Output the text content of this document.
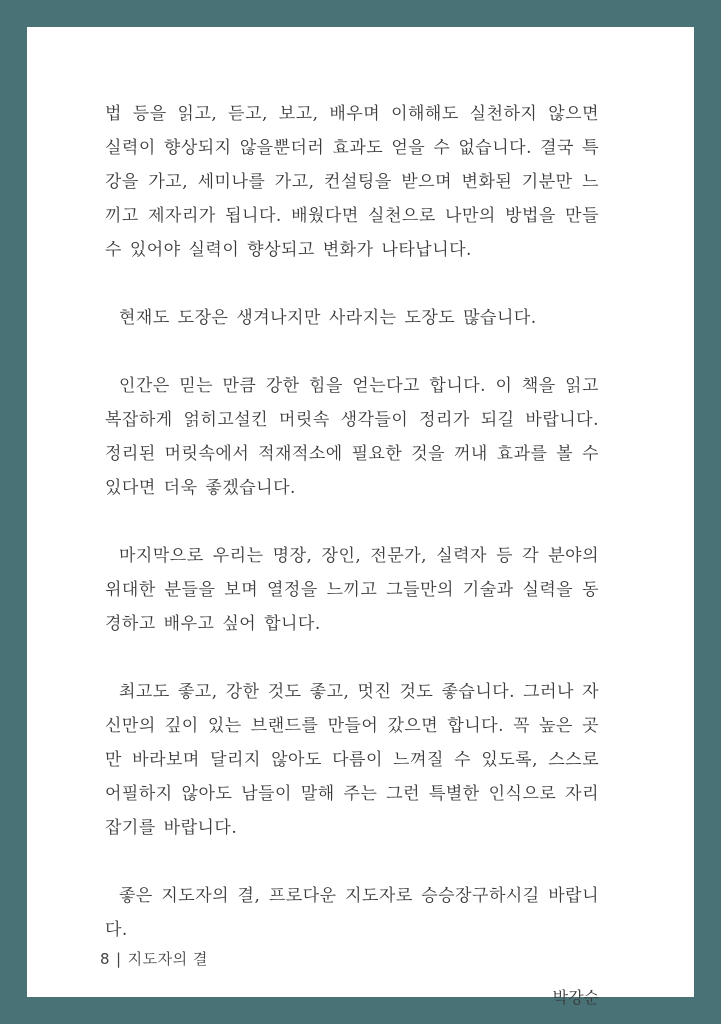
법 등을 읽고, 듣고, 보고, 배우며 이해해도 실천하지 않으면 실력이 향상되지 않을뿐더러 효과도 얻을 수 없습니다. 결국 특강을 가고, 세미나를 가고, 컨설팅을 받으며 변화된 기분만 느끼고 제자리가 됩니다. 배웠다면 실천으로 나만의 방법을 만들 수 있어야 실력이 향상되고 변화가 나타납니다.

현재도 도장은 생겨나지만 사라지는 도장도 많습니다.

인간은 믿는 만큼 강한 힘을 얻는다고 합니다. 이 책을 읽고 복잡하게 얽히고설킨 머릿속 생각들이 정리가 되길 바랍니다. 정리된 머릿속에서 적재적소에 필요한 것을 꺼내 효과를 볼 수 있다면 더욱 좋겠습니다.

마지막으로 우리는 명장, 장인, 전문가, 실력자 등 각 분야의 위대한 분들을 보며 열정을 느끼고 그들만의 기술과 실력을 동경하고 배우고 싶어 합니다.

최고도 좋고, 강한 것도 좋고, 멋진 것도 좋습니다. 그러나 자신만의 깊이 있는 브랜드를 만들어 갔으면 합니다. 꼭 높은 곳만 바라보며 달리지 않아도 다름이 느껴질 수 있도록, 스스로 어필하지 않아도 남들이 말해 주는 그런 특별한 인식으로 자리 잡기를 바랍니다.

좋은 지도자의 결, 프로다운 지도자로 승승장구하시길 바랍니다.

박강순
8 | 지도자의 결
